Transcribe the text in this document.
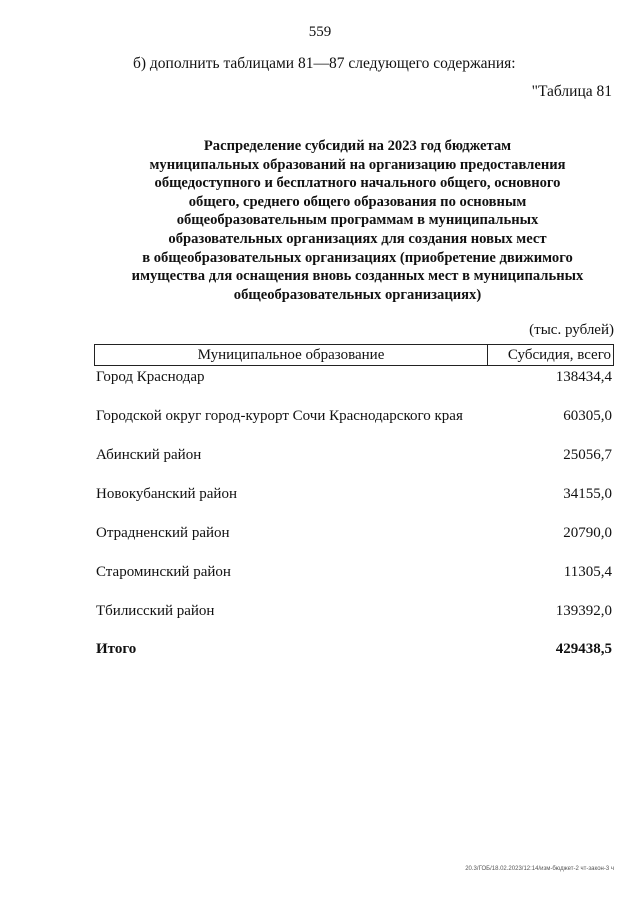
559
б) дополнить таблицами 81—87 следующего содержания:
"Таблица 81
Распределение субсидий на 2023 год бюджетам
муниципальных образований на организацию предоставления
общедоступного и бесплатного начального общего, основного
общего, среднего общего образования по основным
общеобразовательным программам в муниципальных
образовательных организациях для создания новых мест
в общеобразовательных организациях (приобретение движимого
имущества для оснащения вновь созданных мест в муниципальных
общеобразовательных организациях)
(тыс. рублей)
Муниципальное образование	Субсидия, всего
Город Краснодар	138434,4
Городской округ город-курорт Сочи Краснодарского края	60305,0
Абинский район	25056,7
Новокубанский район	34155,0
Отрадненский район	20790,0
Староминский район	11305,4
Тбилисский район	139392,0
Итого	429438,5
20.3/ГОБ/18.02.2023/12:14/изм-бюджет-2 чт-закон-3 ч
